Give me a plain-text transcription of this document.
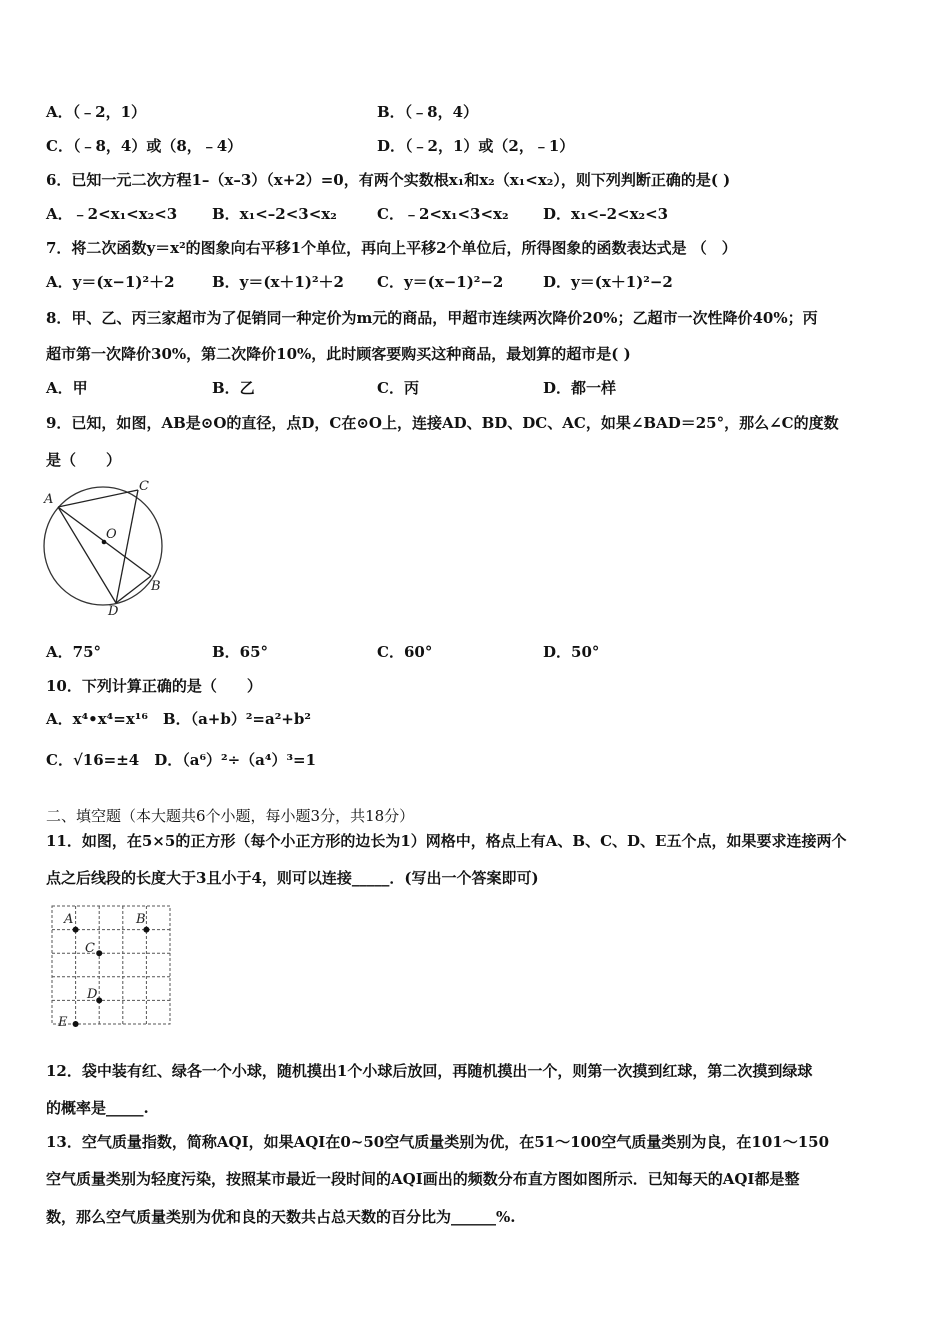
A．（﹣2，1）	B．（﹣8，4）
C．（﹣8，4）或（8，﹣4）	D．（﹣2，1）或（2，﹣1）
6．已知一元二次方程1–（x–3）（x+2）=0，有两个实数根x₁和x₂（x₁<x₂），则下列判断正确的是( )
A．﹣2<x₁<x₂<3 B．x₁<–2<3<x₂	C．﹣2<x₁<3<x₂ D．x₁<–2<x₂<3
7．将二次函数y＝x²的图象向右平移1个单位，再向上平移2个单位后，所得图象的函数表达式是 （　）
A．y＝(x−1)²＋2 B．y＝(x＋1)²＋2 C．y＝(x−1)²−2	D．y＝(x＋1)²−2
8．甲、乙、丙三家超市为了促销同一种定价为m元的商品，甲超市连续两次降价20%；乙超市一次性降价40%；丙
超市第一次降价30%，第二次降价10%，此时顾客要购买这种商品，最划算的超市是( )
A．甲	B．乙	C．丙	D．都一样
9．已知，如图，AB是⊙O的直径，点D，C在⊙O上，连接AD、BD、DC、AC，如果∠BAD＝25°，那么∠C的度数
是（　　）
A
C
O
B
D
A．75°	B．65°	C．60°	D．50°
10．下列计算正确的是（　　）
A．x⁴•x⁴=x¹⁶　B．（a+b）²=a²+b²
C．√16=±4　D．（a⁶）²÷（a⁴）³=1
二、填空题（本大题共6个小题，每小题3分，共18分）
11．如图，在5×5的正方形（每个小正方形的边长为1）网格中，格点上有A、B、C、D、E五个点，如果要求连接两个
点之后线段的长度大于3且小于4，则可以连接_____．(写出一个答案即可)
A	B
C
D
E
12．袋中装有红、绿各一个小球，随机摸出1个小球后放回，再随机摸出一个，则第一次摸到红球，第二次摸到绿球
的概率是_____.
13．空气质量指数，简称AQI，如果AQI在0~50空气质量类别为优，在51～100空气质量类别为良，在101～150
空气质量类别为轻度污染，按照某市最近一段时间的AQI画出的频数分布直方图如图所示．已知每天的AQI都是整
数，那么空气质量类别为优和良的天数共占总天数的百分比为______%.
